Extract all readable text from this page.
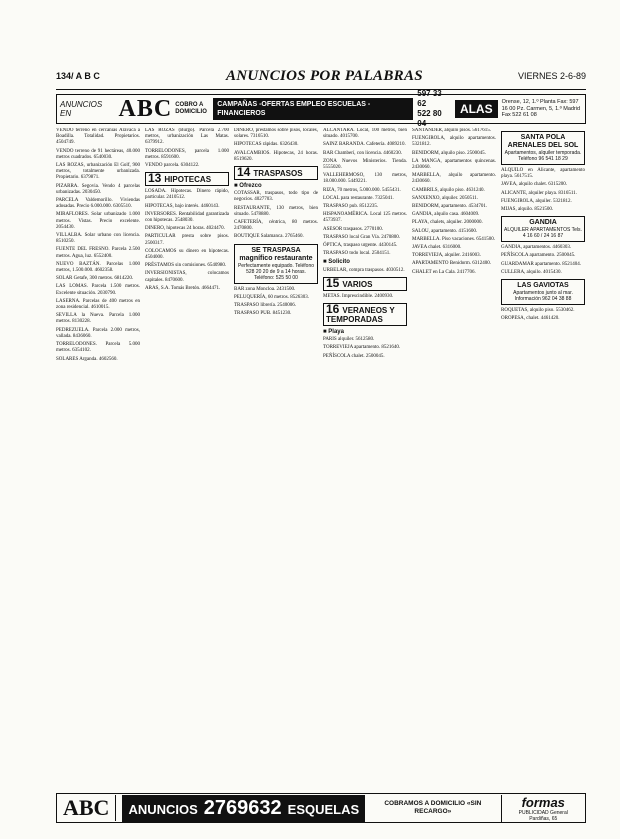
134/ A B C	ANUNCIOS POR PALABRAS	VIERNES 2-6-89
ANUNCIOS EN	ABC COBRO A DOMICILIO
CAMPAÑAS -OFERTAS EMPLEO ESCUELAS - FINANCIEROS
597 33 62
522 80 04
ALAS	Orense, 12, 1.º Planta Fax: 597 16 00 Pz. Carmen, 5, 1.º Madrid Fax 522 61 08

VENDO terreno en cercanías Aravaca a Boadilla. Totalidad. Propietarios. 4504749.

VENDO terreno de 91 hectáreas, 40.000 metros cuadrados. 6540030.

LAS ROZAS, urbanización El Golf, 900 metros, totalmente urbanizada. Propietario. 6379871.

PIZARRA. Segovia. Vendo 4 parcelas urbanizadas. 2030450.

PARCELA Valdemorillo. Viviendas adosadas. Precio 6.000.000. 6305510.

MIRAFLORES. Solar urbanizado 1.000 metros. Vistas. Precio excelente. 2054430.

VILLALBA. Solar urbano con licencia. 8510250.

FUENTE DEL FRESNO. Parcela 2.500 metros. Agua, luz. 6552400.

NUEVO BAZTÁN. Parcelas 1.000 metros, 1.500.000. 4602358.

SOLAR Getafe, 300 metros. 6814220.

LAS LOMAS. Parcela 1.500 metros. Excelente situación. 2030790.

LASERNA. Parcelas de 400 metros en zona residencial. 4610015.

SEVILLA la Nueva. Parcela 1.000 metros. 8130228.

PEDREZUELA. Parcela 2.000 metros, vallada. 8436060.

TORRELODONES. Parcela 5.000 metros. 6354102.

SOLARES Arganda. 4602560.

LAS ROZAS (Burgo). Parcela 2.700 metros, urbanización Las Matas. 6379912.

TORRELODONES, parcela 1.000 metros. 8591600.

VENDO parcela. 6304122.

13 HIPOTECAS

LOSADA. Hipotecas. Dinero rápido, particular. 2410512.

HIPOTECAS, bajo interés. 4460143.

INVERSORES. Rentabilidad garantizada con hipotecas. 2548030.

DINERO, hipotecas 24 horas. 4024470.

PARTICULAR presta sobre pisos. 2500317.

COLOCAMOS su dinero en hipotecas. 4504000.

PRÉSTAMOS sin comisiones. 6540980.

INVERSIONISTAS, colocamos capitales. 8470600.

ARAS, S.A. Tomás Bretón. 4664471.

DINERO, préstamos sobre pisos, locales, solares. 7316510.

HIPOTECAS rápidas. 6326430.

AVALCAMBIOS. Hipotecas, 24 horas. 8519620.

14 TRASPASOS
■ Ofrezco

COTASSAR, traspasos, todo tipo de negocios. 4027703.

RESTAURANTE, 130 metros, bien situado. 5478880.

CAFETERÍA, céntrica, 80 metros. 2470800.

BOUTIQUE Salamanca. 2765460.

SE TRASPASA magnífico restaurante
Perfectamente equipado. Teléfono 528 20 20 de 9 a 14 horas. Teléfono: 525 50 00

BAR zona Moncloa. 2431500.

PELUQUERÍA, 60 metros. 8526303.

TRASPASO librería. 2540006.

TRASPASO PUB. 8451230.

ALCANTARA. Local, 100 metros, bien situado. 4015700.

SAINZ BARANDA. Cafetería. 4089210.

BAR Chamberí, con licencia. 4460230.

ZONA Nuevos Ministerios. Tienda. 5555020.

VALLEHERMOSO, 130 metros, 18.000.000. 5449221.

RIZA, 70 metros, 5.000.000. 5455431.

LOCAL para restaurante. 7325041.

TRASPASO pub. 8512235.

HISPANOAMÉRICA. Local 125 metros. 4573937.

ASESOR traspasos. 2770100.

TRASPASO local Gran Vía. 2470800.

ÓPTICA, traspaso urgente. 4430145.

TRASPASO todo local. 2504151.

■ Solicito

URBELAR, compra traspasos. 4030512.

15 VARIOS

METAS. Imprescindible. 2400930.

16 VERANEOS Y TEMPORADAS
■ Playa

PARIS alquiler. 5612580.

TORREVIEJA apartamento. 8521640.

PEÑÍSCOLA chalet. 2500045.

SANTANDER, alquilo pisos. 5617615.

FUENGIROLA, alquilo apartamentos. 5321812.

BENIDORM, alquilo piso. 2500045.

LA MANGA, apartamentos quincenas. 2430060.

MARBELLA, alquilo apartamento. 2430660.

CAMBRILS, alquilo piso. 4631240.

SANXENXO, alquiler. 2050511.

BENIDORM, apartamento. 4534701.

GANDIA, alquilo casa. 4604009.

PLAYA, chalets, alquiler. 2000000.

SALOU, apartamento. 4151600.

MARBELLA. Piso vacaciones. 6541500.

JAVEA chalet. 6316000.

TORREVIEJA, alquiler. 2416003.

APARTAMENTO Benidorm. 6312400.

CHALET en La Cala. 2417706.

SANTA POLA ARENALES DEL SOL
Apartamentos, alquiler temporada. Teléfono 96 541 18 29

ALQUILO en Alicante, apartamento playa. 5617515.

JAVEA, alquilo chalet. 6315200.

ALICANTE, alquiler playa. 8316511.

FUENGIROLA, alquiler. 5321812.

MIJAS, alquilo. 8521500.

GANDIA
ALQUILER APARTAMENTOS Tels. 4 16 60 / 24 16 87

GANDIA, apartamentos. 4460303.

PEÑÍSCOLA apartamento. 2500045.

GUARDAMAR apartamento. 8521404.

CULLERA, alquilo. 4015430.

LAS GAVIOTAS
Apartamentos junto al mar. Información 962 04 38 88

ROQUETAS, alquilo piso. 5530462.

OROPESA, chalet. 4461420.

ABC	ANUNCIOS 2769632 ESQUELAS	COBRAMOS A DOMICILIO «SIN RECARGO»
formas
PUBLICIDAD General Pardiñas, 65
